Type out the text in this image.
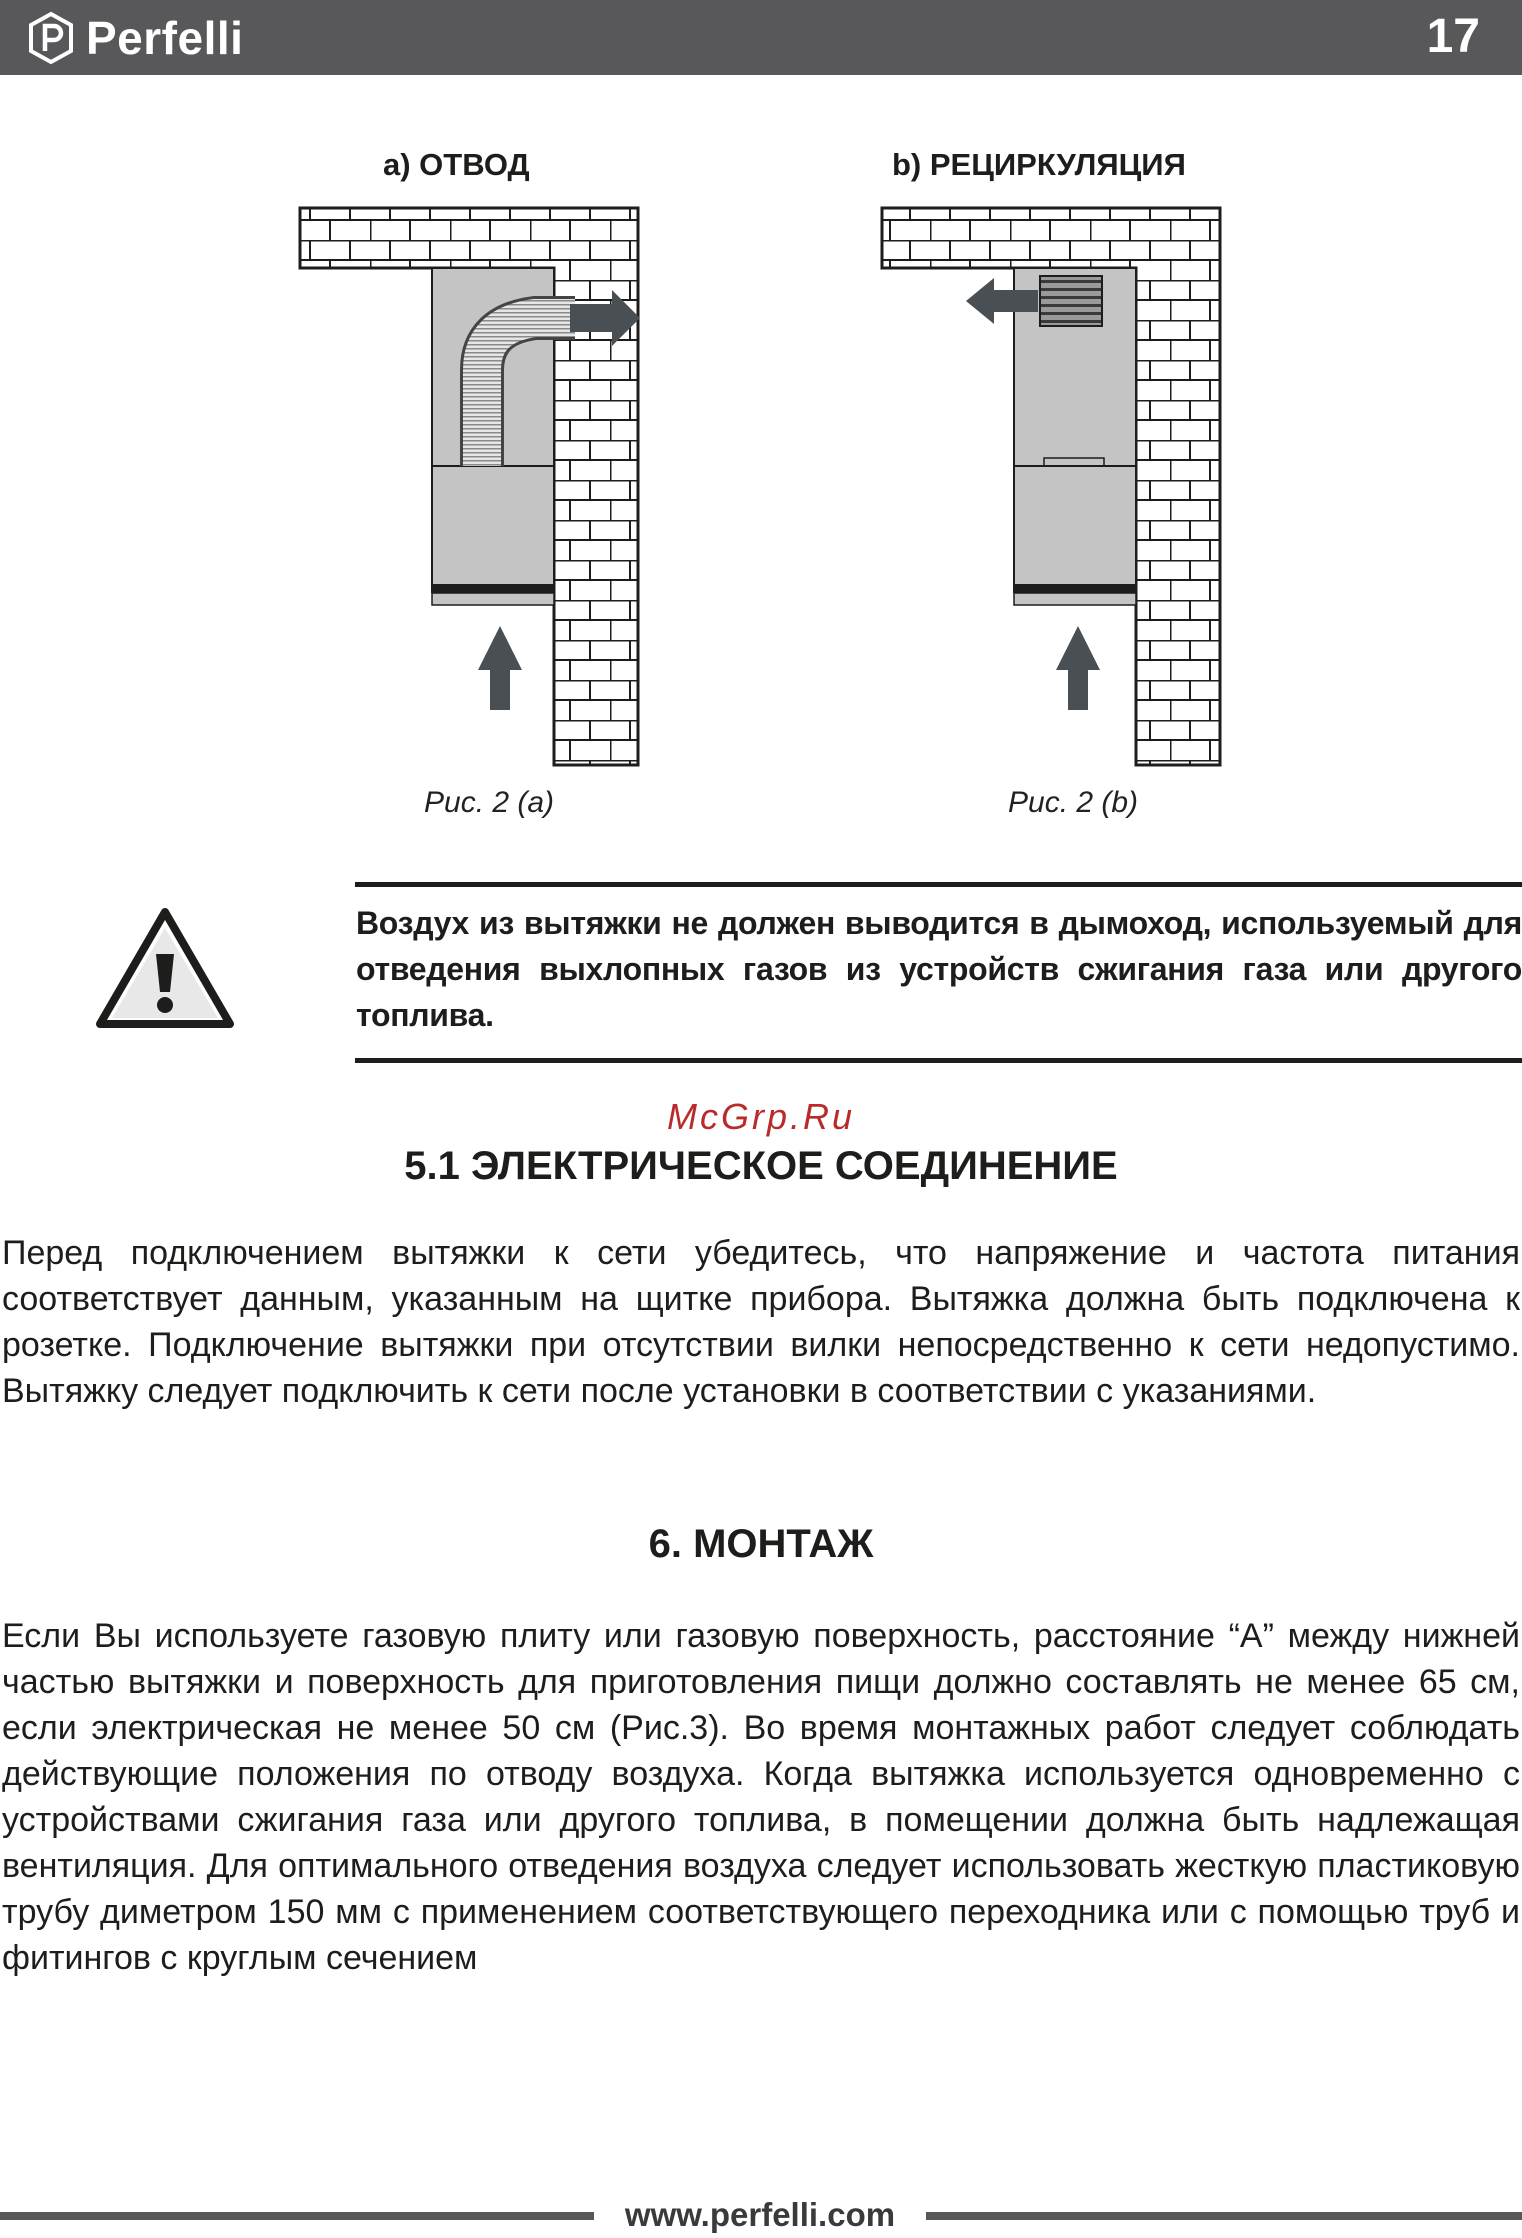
Perfelli	17
а) ОТВОД	b) РЕЦИРКУЛЯЦИЯ
Рис. 2 (а)	Рис. 2 (b)
Воздух из вытяжки не должен выводится в дымоход, используемый для отведения выхлопных газов из устройств сжигания газа или другого топлива.
McGrp.Ru
5.1 ЭЛЕКТРИЧЕСКОЕ СОЕДИНЕНИЕ
Перед подключением вытяжки к сети убедитесь, что напряжение и частота питания соответствует данным, указанным на щитке прибора. Вытяжка должна быть подключена к розетке. Подключение вытяжки при отсутствии вилки непосредственно к сети недопустимо. Вытяжку следует подключить к сети после установки в соответствии с указаниями.
6. МОНТАЖ
Если Вы используете газовую плиту или газовую поверхность, расстояние “А” между нижней частью вытяжки и поверхность для приготовления пищи должно составлять не менее 65 см, если электрическая не менее 50 см (Рис.3). Во время монтажных работ следует соблюдать действующие положения по отводу воздуха. Когда вытяжка используется одновременно с устройствами сжигания газа или другого топлива, в помещении должна быть надлежащая вентиляция. Для оптимального отведения воздуха следует использовать жесткую пластиковую трубу диметром 150 мм с применением соответствующего переходника или с помощью труб и фитингов с круглым сечением
www.perfelli.com
